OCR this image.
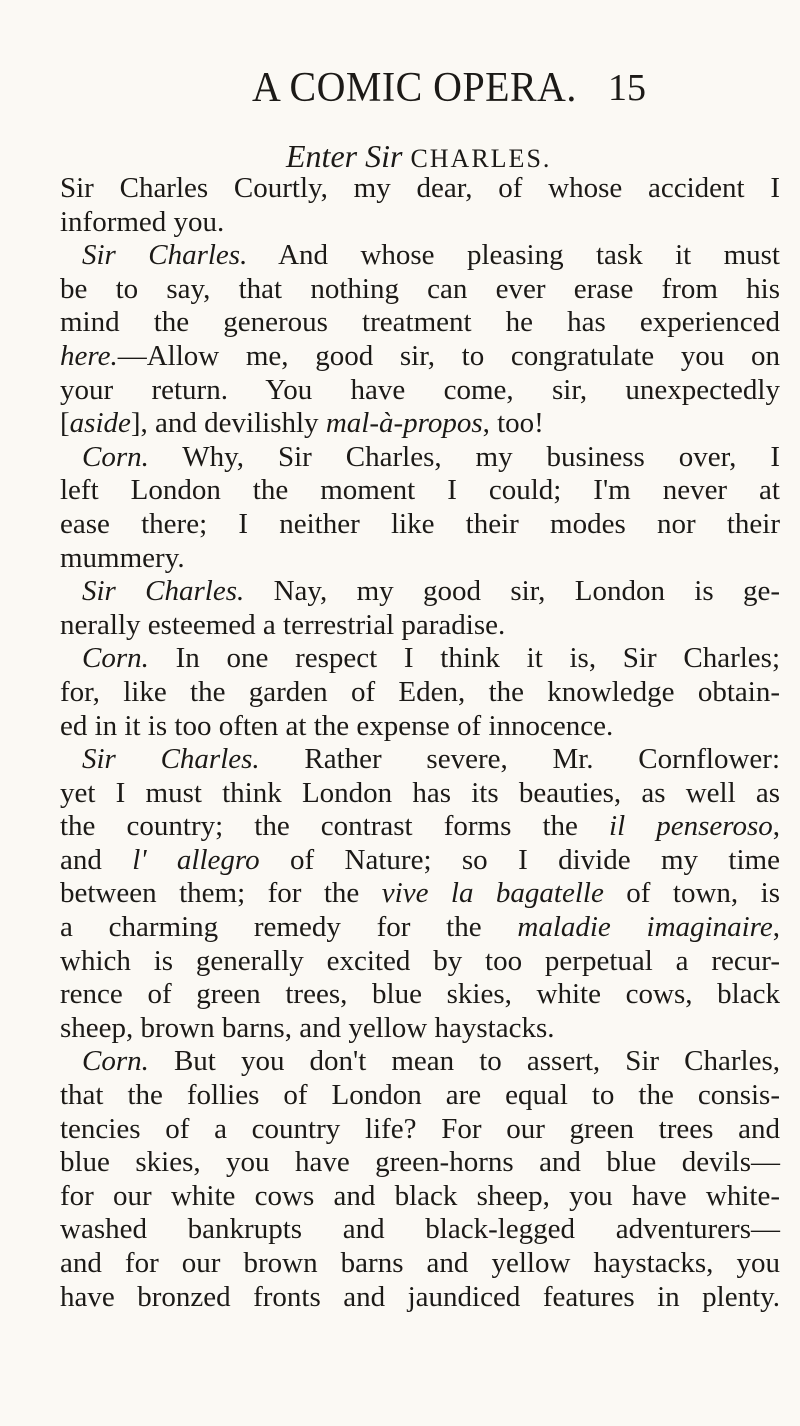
A COMIC OPERA. 15
Enter Sir CHARLES.
Sir Charles Courtly, my dear, of whose accident I
informed you.
Sir Charles. And whose pleasing task it must
be to say, that nothing can ever erase from his
mind the generous treatment he has experienced
here.—Allow me, good sir, to congratulate you on
your return. You have come, sir, unexpectedly
[aside], and devilishly mal-à-propos, too!
Corn. Why, Sir Charles, my business over, I
left London the moment I could; I'm never at
ease there; I neither like their modes nor their
mummery.
Sir Charles. Nay, my good sir, London is ge-
nerally esteemed a terrestrial paradise.
Corn. In one respect I think it is, Sir Charles;
for, like the garden of Eden, the knowledge obtain-
ed in it is too often at the expense of innocence.
Sir Charles. Rather severe, Mr. Cornflower:
yet I must think London has its beauties, as well as
the country; the contrast forms the il penseroso,
and l' allegro of Nature; so I divide my time
between them; for the vive la bagatelle of town, is
a charming remedy for the maladie imaginaire,
which is generally excited by too perpetual a recur-
rence of green trees, blue skies, white cows, black
sheep, brown barns, and yellow haystacks.
Corn. But you don't mean to assert, Sir Charles,
that the follies of London are equal to the consis-
tencies of a country life? For our green trees and
blue skies, you have green-horns and blue devils—
for our white cows and black sheep, you have white-
washed bankrupts and black-legged adventurers—
and for our brown barns and yellow haystacks, you
have bronzed fronts and jaundiced features in plenty.
